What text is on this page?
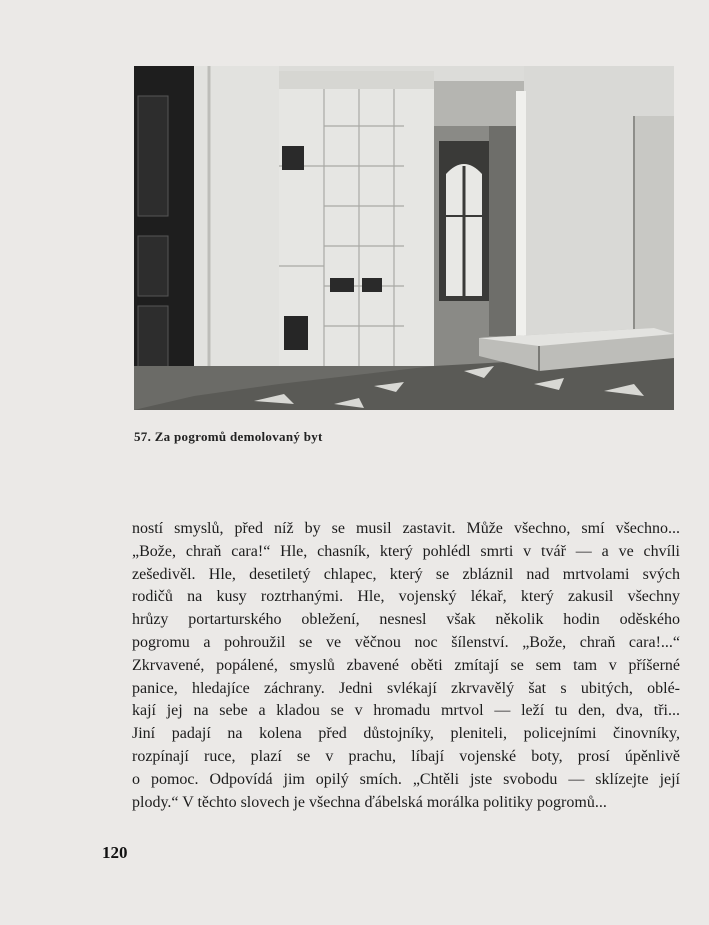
57. Za pogromů demolovaný byt
ností smyslů, před níž by se musil zastavit. Může všechno, smí všechno...
„Bože, chraň cara!“ Hle, chasník, který pohlédl smrti v tvář — a ve chvíli
zešedivěl. Hle, desetiletý chlapec, který se zbláznil nad mrtvolami svých
rodičů na kusy roztrhanými. Hle, vojenský lékař, který zakusil všechny
hrůzy portarturského obležení, nesnesl však několik hodin oděského
pogromu a pohroužil se ve věčnou noc šílenství. „Bože, chraň cara!...“
Zkrvavené, popálené, smyslů zbavené oběti zmítají se sem tam v příšerné
panice, hledajíce záchrany. Jedni svlékají zkrvavělý šat s ubitých, oblé-
kají jej na sebe a kladou se v hromadu mrtvol — leží tu den, dva, tři...
Jiní padají na kolena před důstojníky, pleniteli, policejními činovníky,
rozpínají ruce, plazí se v prachu, líbají vojenské boty, prosí úpěnlivě
o pomoc. Odpovídá jim opilý smích. „Chtěli jste svobodu — sklízejte její
plody.“ V těchto slovech je všechna ďábelská morálka politiky pogromů...
120
